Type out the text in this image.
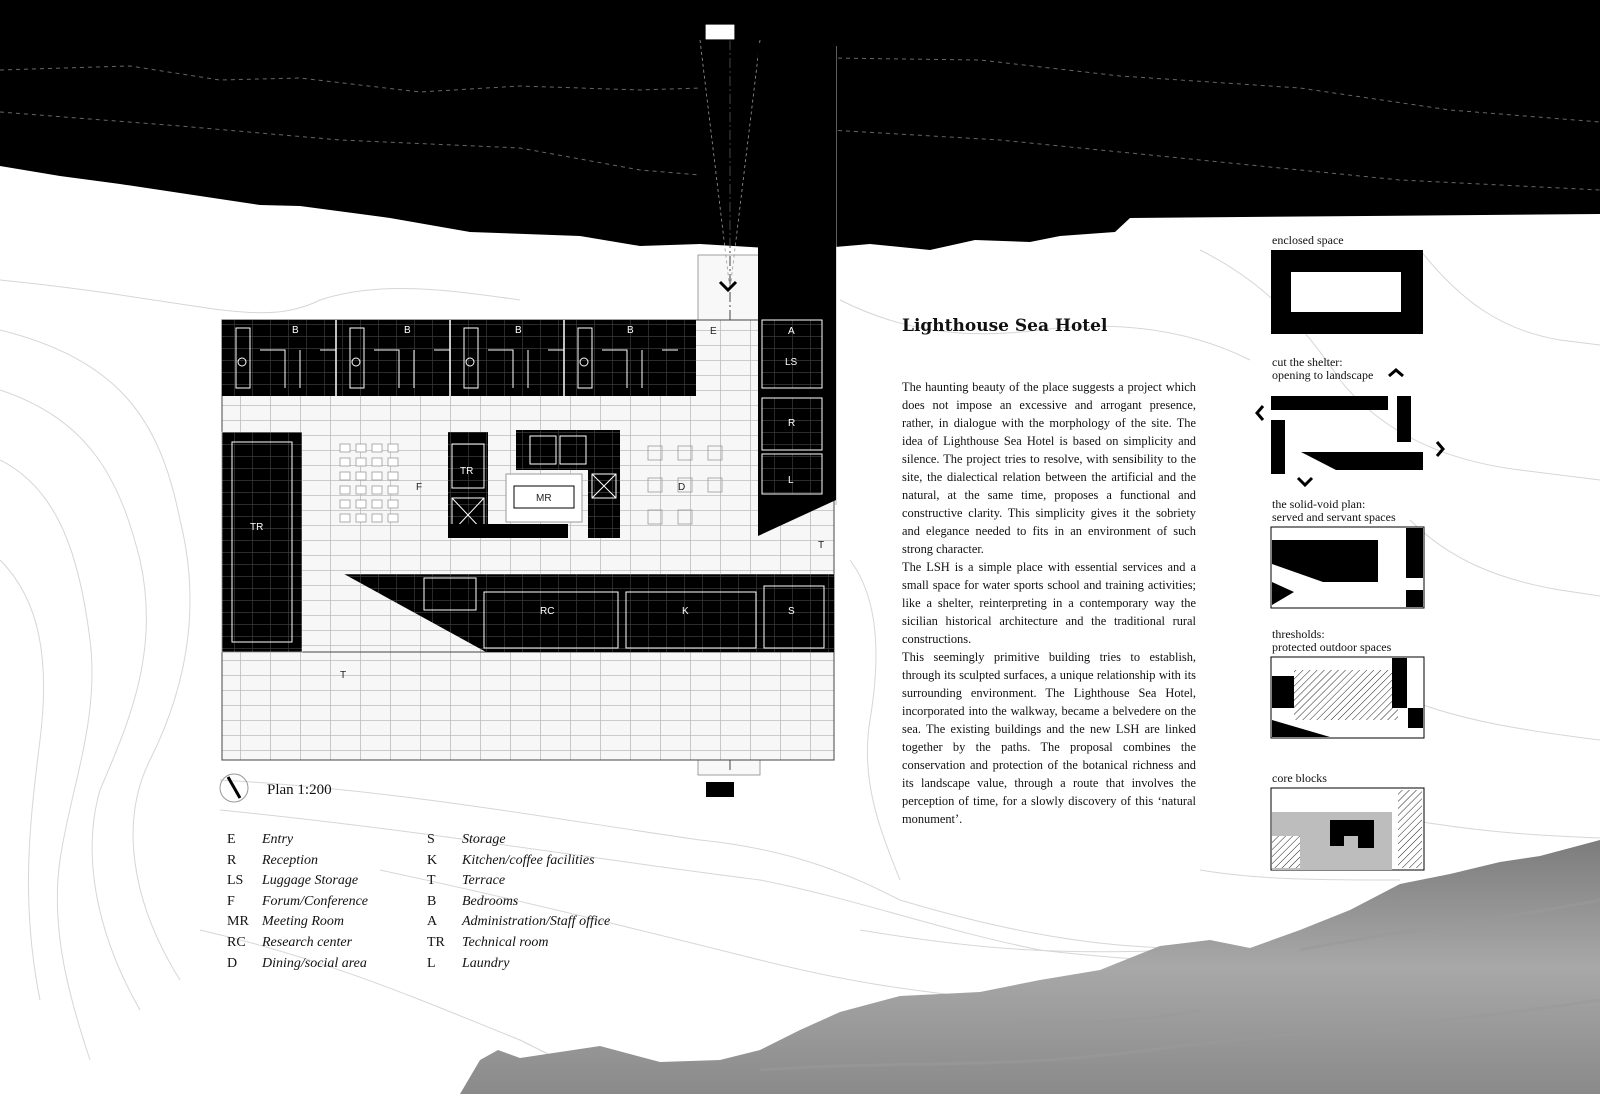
B	B	B	B	E	A
LS
R
L
T
TR
TR
MR
F	D
RC	K	S
T
Lighthouse Sea Hotel

The haunting beauty of the place suggests a project which does not impose an excessive and arrogant presence, rather, in dialogue with the morphology of the site. The idea of Lighthouse Sea Hotel is based on simplicity and silence. The project tries to resolve, with sensibility to the site, the dialectical relation between the artificial and the natural, at the same time, proposes a functional and constructive clarity. This simplicity gives it the sobriety and elegance needed to fits in an environment of such strong character.

The LSH is a simple place with essential services and a small space for water sports school and training activities; like a shelter, reinterpreting in a contemporary way the sicilian historical architecture and the traditional rural constructions.

This seemingly primitive building tries to establish, through its sculpted surfaces, a unique relationship with its surrounding environment. The Lighthouse Sea Hotel, incorporated into the walkway, became a belvedere on the sea. The existing buildings and the new LSH are linked together by the paths. The proposal combines the conservation and protection of the botanical richness and its landscape value, through a route that involves the perception of time, for a slowly discovery of this ‘natural monument’.

Plan 1:200
E Entry
R Reception
LS Luggage Storage
F Forum/Conference
MR Meeting Room
RC Research center
D Dining/social area
S Storage
K Kitchen/coffee facilities
T Terrace
B Bedrooms
A Administration/Staff office
TR Technical room
L Laundry
enclosed space
cut the shelter:
opening to landscape
the solid-void plan:
served and servant spaces
thresholds:
protected outdoor spaces
core blocks
